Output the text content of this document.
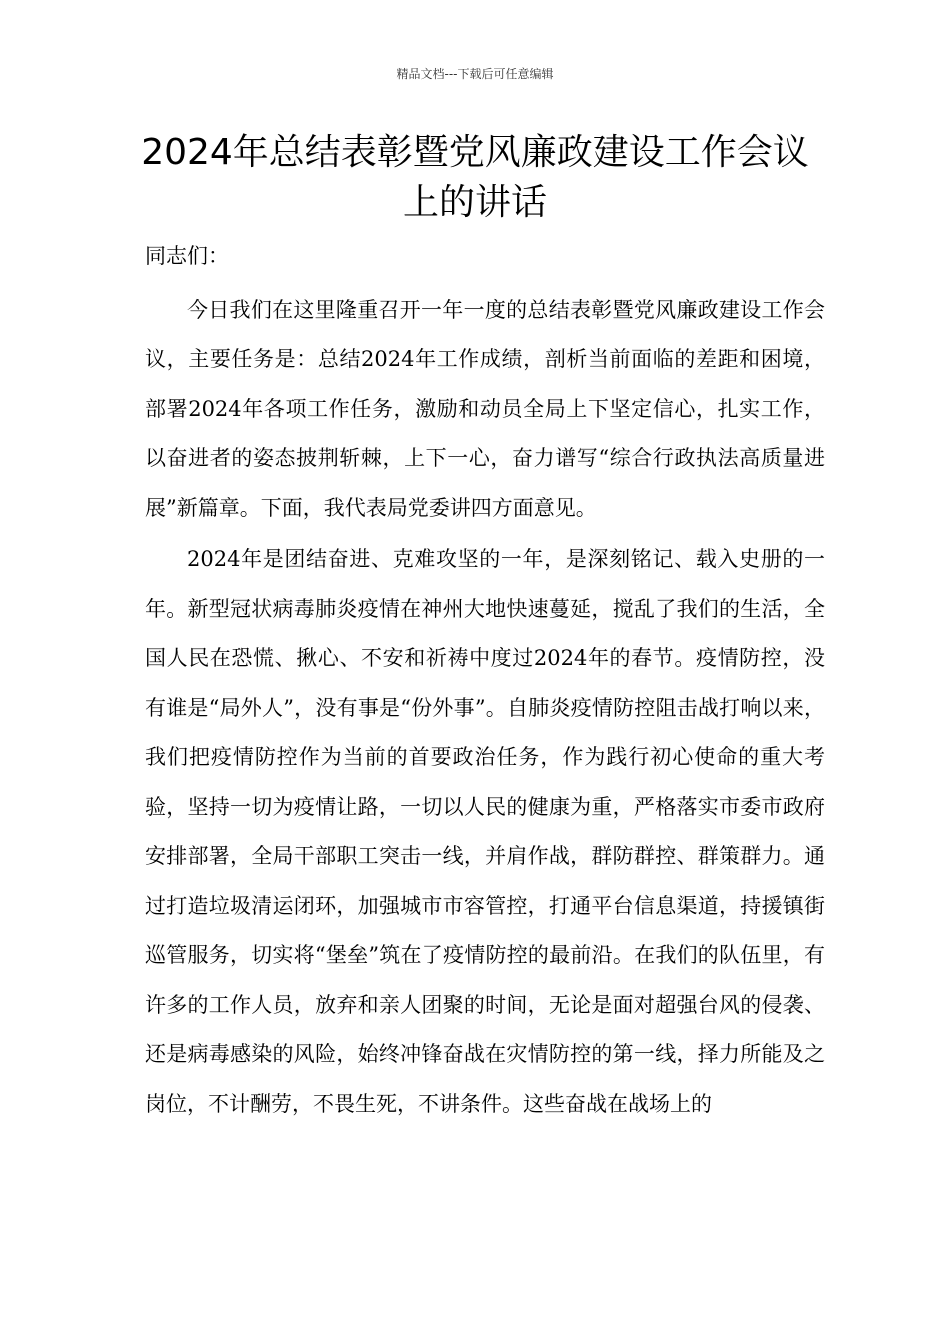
精品文档---下载后可任意编辑
2024年总结表彰暨党风廉政建设工作会议上的讲话

同志们：

今日我们在这里隆重召开一年一度的总结表彰暨党风廉政建设工作会议，主要任务是：总结2024年工作成绩，剖析当前面临的差距和困境，部署2024年各项工作任务，激励和动员全局上下坚定信心，扎实工作，以奋进者的姿态披荆斩棘，上下一心，奋力谱写“综合行政执法高质量进展”新篇章。下面，我代表局党委讲四方面意见。

2024年是团结奋进、克难攻坚的一年，是深刻铭记、载入史册的一年。新型冠状病毒肺炎疫情在神州大地快速蔓延，搅乱了我们的生活，全国人民在恐慌、揪心、不安和祈祷中度过2024年的春节。疫情防控，没有谁是“局外人”，没有事是“份外事”。自肺炎疫情防控阻击战打响以来，我们把疫情防控作为当前的首要政治任务，作为践行初心使命的重大考验，坚持一切为疫情让路，一切以人民的健康为重，严格落实市委市政府安排部署，全局干部职工突击一线，并肩作战，群防群控、群策群力。通过打造垃圾清运闭环，加强城市市容管控，打通平台信息渠道，持援镇街巡管服务，切实将“堡垒”筑在了疫情防控的最前沿。在我们的队伍里，有许多的工作人员，放弃和亲人团聚的时间，无论是面对超强台风的侵袭、还是病毒感染的风险，始终冲锋奋战在灾情防控的第一线，择力所能及之岗位，不计酬劳，不畏生死，不讲条件。这些奋战在战场上的
